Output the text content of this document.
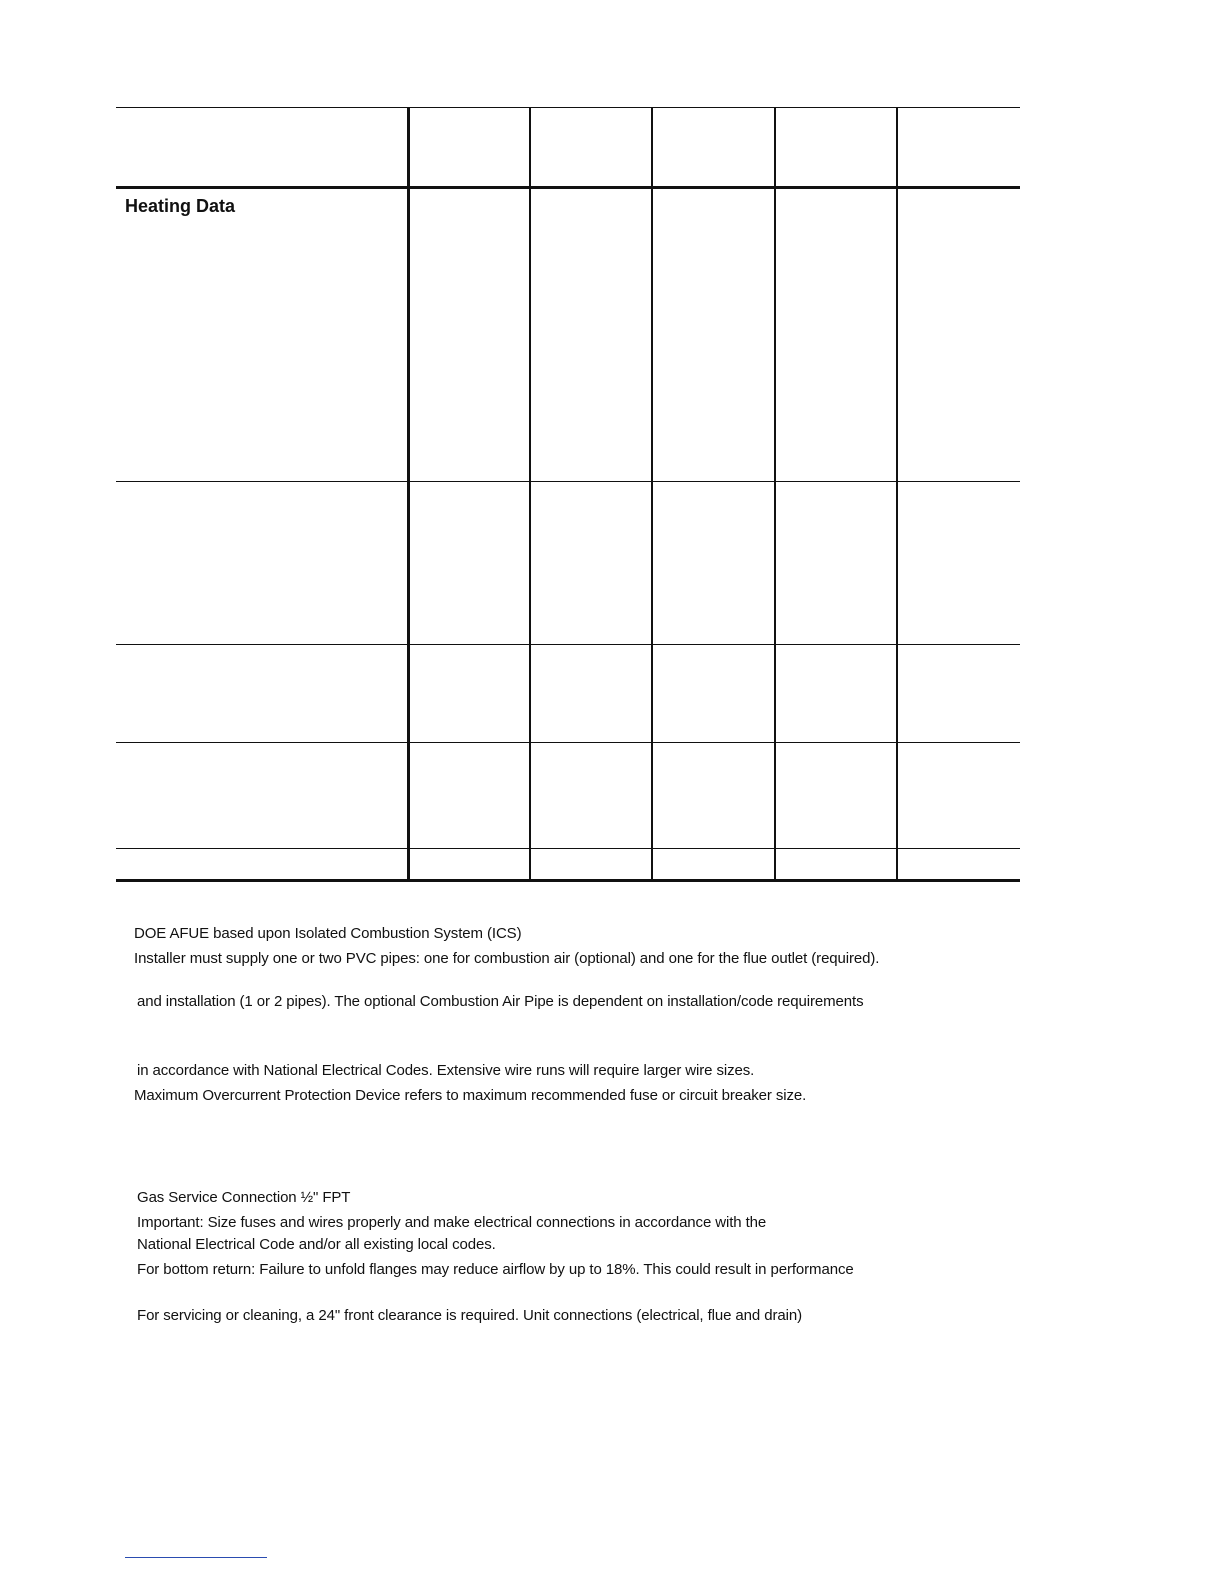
Heating Data
DOE AFUE based upon Isolated Combustion System (ICS)
Installer must supply one or two PVC pipes: one for combustion air (optional) and one for the flue outlet (required).
and installation (1 or 2 pipes). The optional Combustion Air Pipe is dependent on installation/code requirements
in accordance with National Electrical Codes. Extensive wire runs will require larger wire sizes.
Maximum Overcurrent Protection Device refers to maximum recommended fuse or circuit breaker size.
Gas Service Connection ½" FPT
Important: Size fuses and wires properly and make electrical connections in accordance with the
National Electrical Code and/or all existing local codes.
For bottom return: Failure to unfold flanges may reduce airflow by up to 18%. This could result in performance
For servicing or cleaning, a 24" front clearance is required. Unit connections (electrical, flue and drain)
